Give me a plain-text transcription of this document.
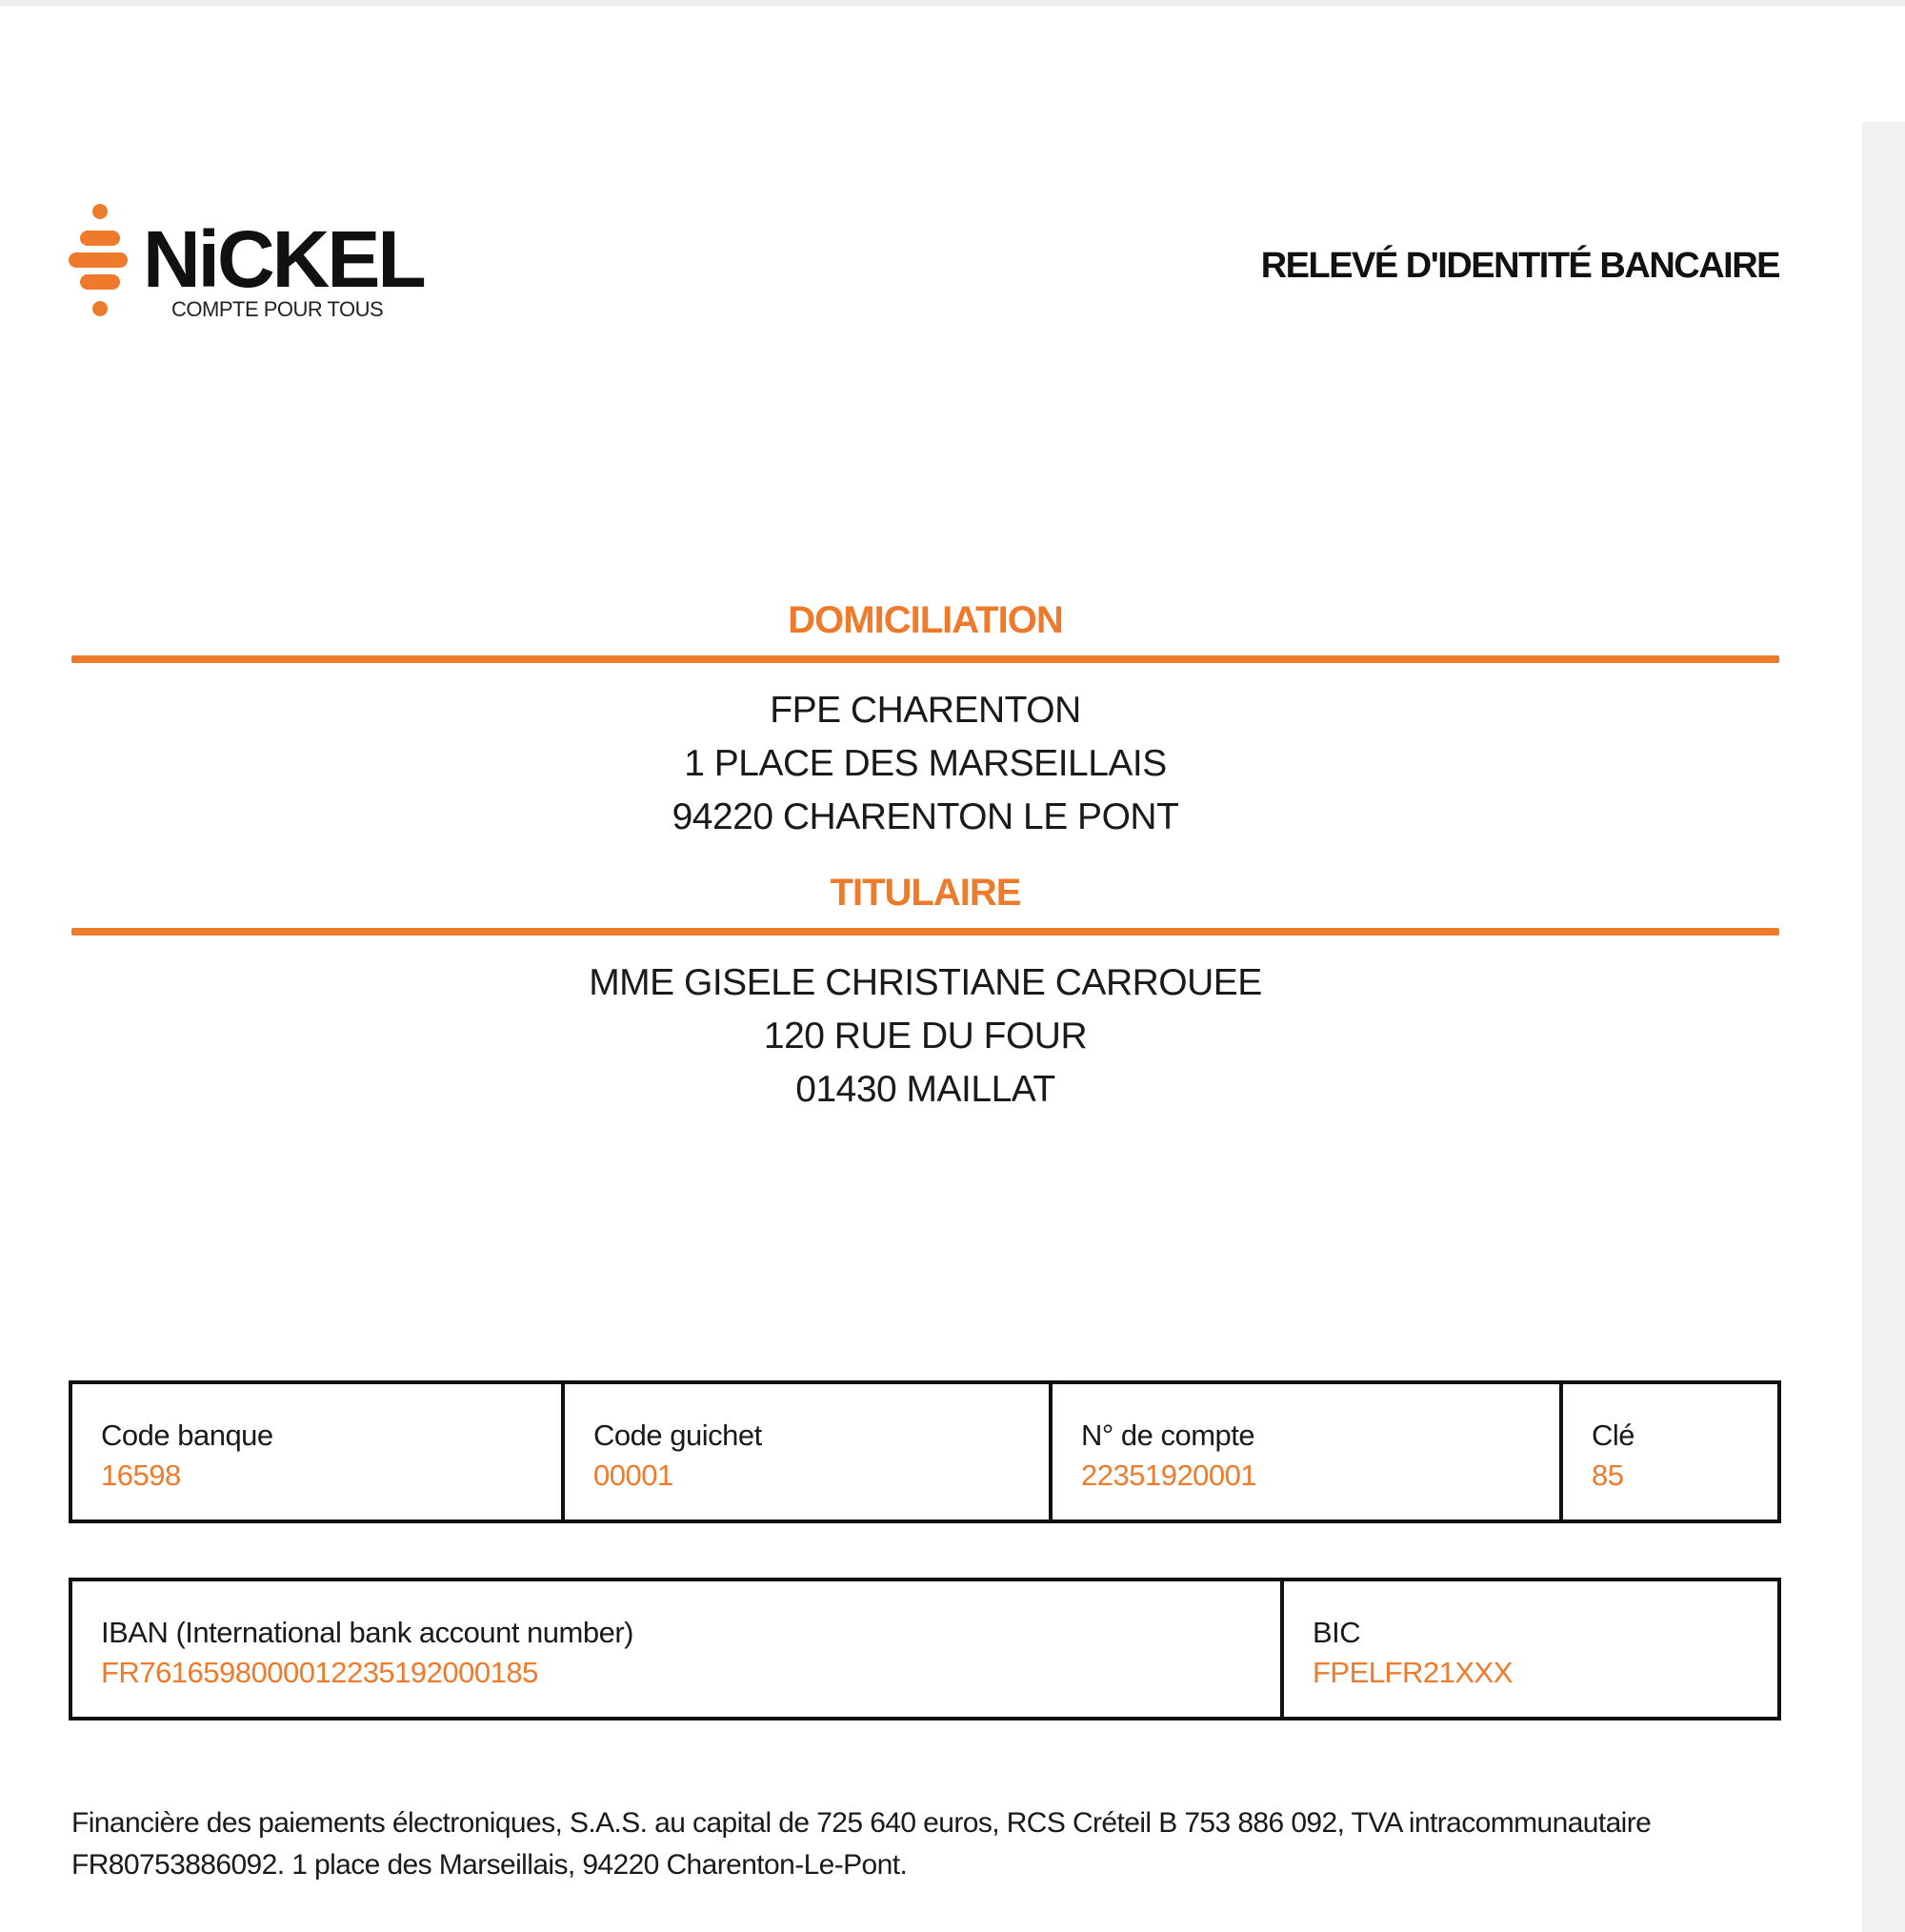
NiCKEL
COMPTE POUR TOUS
RELEVÉ D'IDENTITÉ BANCAIRE
DOMICILIATION
FPE CHARENTON
1 PLACE DES MARSEILLAIS
94220 CHARENTON LE PONT
TITULAIRE
MME GISELE CHRISTIANE CARROUEE
120 RUE DU FOUR
01430 MAILLAT
Code banque
16598
Code guichet
00001
N° de compte
22351920001
Clé
85
IBAN (International bank account number)
FR7616598000012235192000185
BIC
FPELFR21XXX
Financière des paiements électroniques, S.A.S. au capital de 725 640 euros, RCS Créteil B 753 886 092, TVA intracommunautaire
FR80753886092. 1 place des Marseillais, 94220 Charenton-Le-Pont.
